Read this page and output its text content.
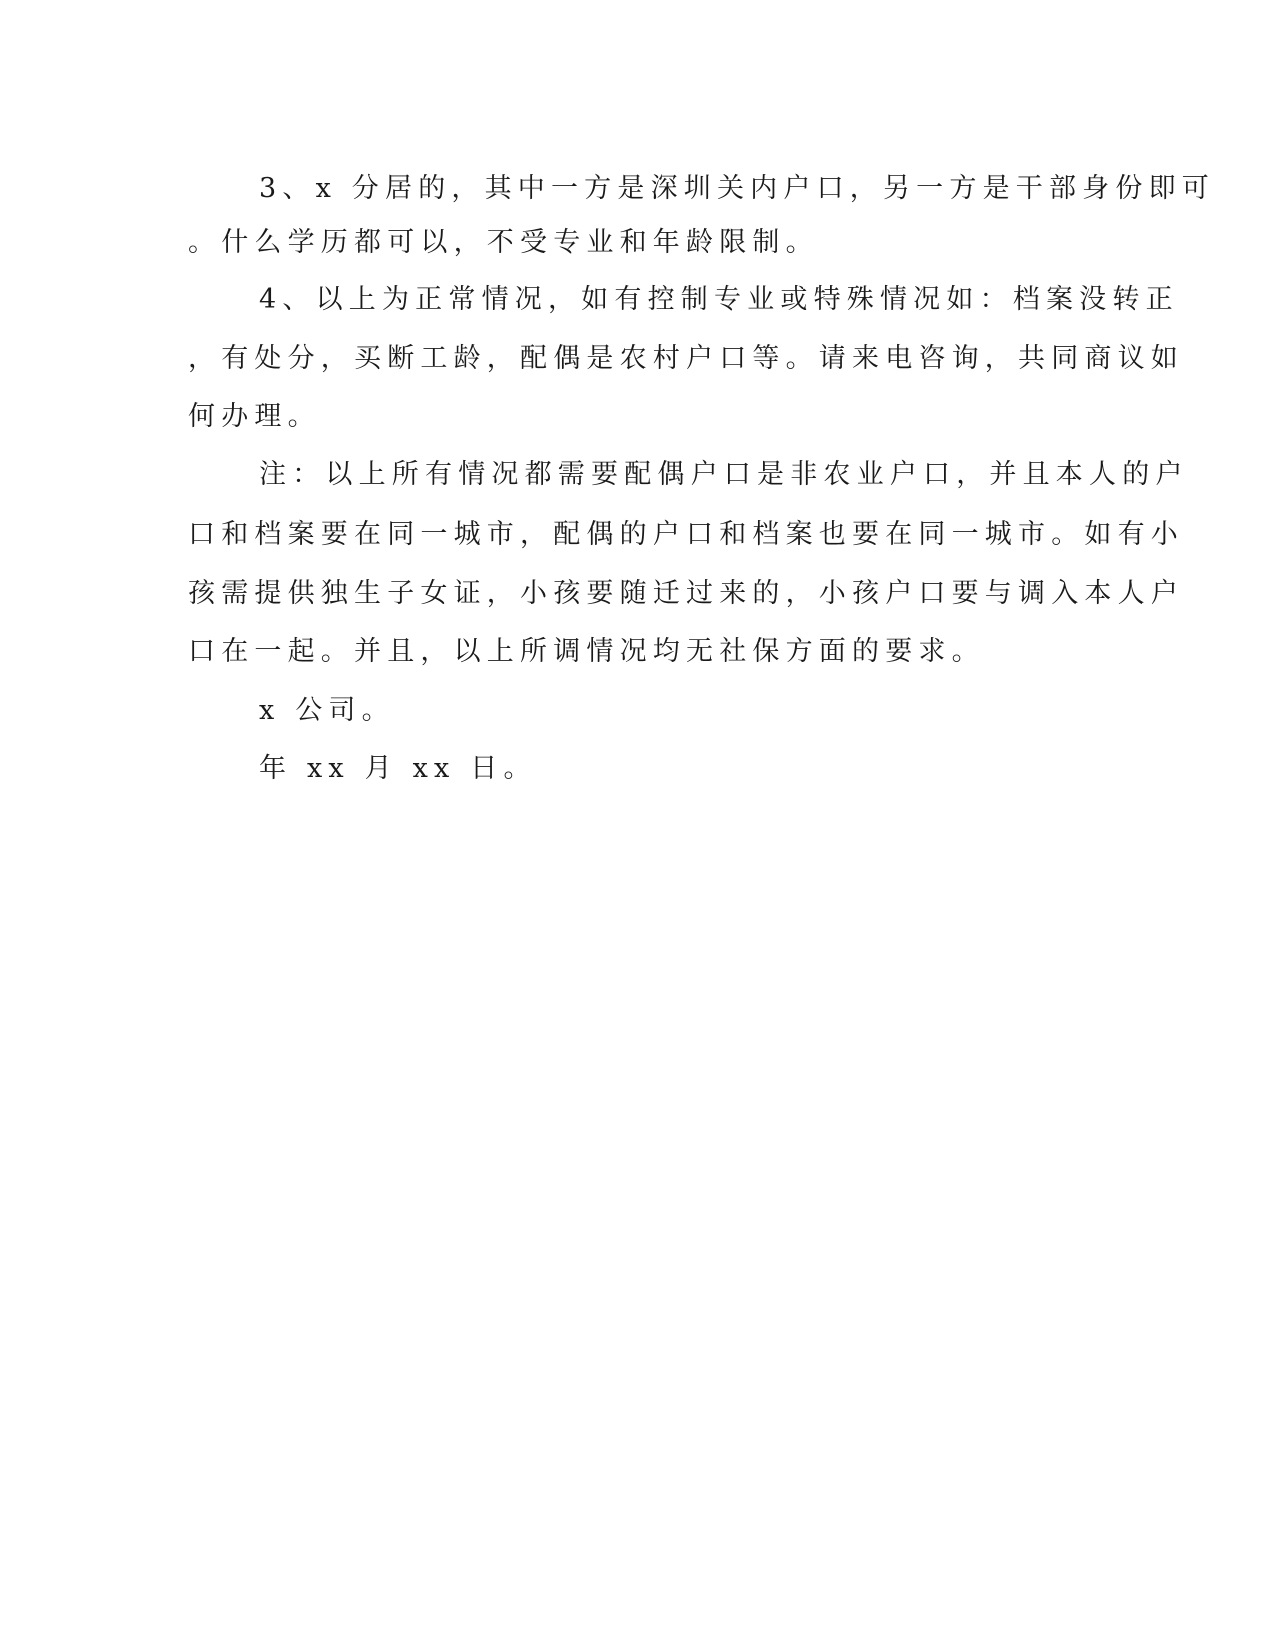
3、x 分居的，其中一方是深圳关内户口，另一方是干部身份即可
。什么学历都可以，不受专业和年龄限制。
4、以上为正常情况，如有控制专业或特殊情况如：档案没转正
，有处分，买断工龄，配偶是农村户口等。请来电咨询，共同商议如
何办理。
注：以上所有情况都需要配偶户口是非农业户口，并且本人的户
口和档案要在同一城市，配偶的户口和档案也要在同一城市。如有小
孩需提供独生子女证，小孩要随迁过来的，小孩户口要与调入本人户
口在一起。并且，以上所调情况均无社保方面的要求。
x 公司。
年 xx 月 xx 日。
